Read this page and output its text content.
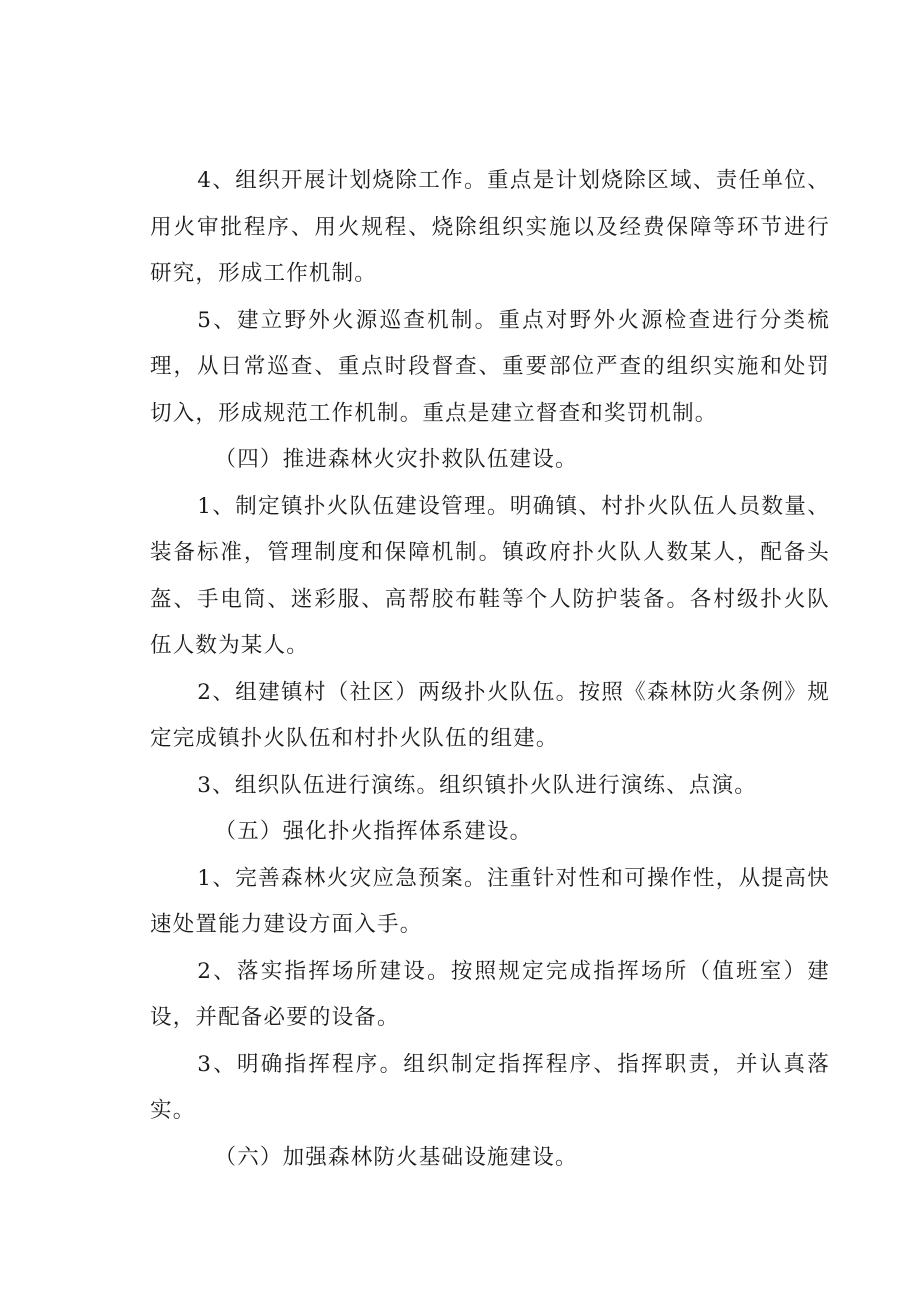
4、组织开展计划烧除工作。重点是计划烧除区域、责任单位、用火审批程序、用火规程、烧除组织实施以及经费保障等环节进行研究，形成工作机制。

5、建立野外火源巡查机制。重点对野外火源检查进行分类梳理，从日常巡查、重点时段督查、重要部位严查的组织实施和处罚切入，形成规范工作机制。重点是建立督查和奖罚机制。

（四）推进森林火灾扑救队伍建设。

1、制定镇扑火队伍建设管理。明确镇、村扑火队伍人员数量、装备标准，管理制度和保障机制。镇政府扑火队人数某人，配备头盔、手电筒、迷彩服、高帮胶布鞋等个人防护装备。各村级扑火队伍人数为某人。

2、组建镇村（社区）两级扑火队伍。按照《森林防火条例》规定完成镇扑火队伍和村扑火队伍的组建。

3、组织队伍进行演练。组织镇扑火队进行演练、点演。

（五）强化扑火指挥体系建设。

1、完善森林火灾应急预案。注重针对性和可操作性，从提高快速处置能力建设方面入手。

2、落实指挥场所建设。按照规定完成指挥场所（值班室）建设，并配备必要的设备。

3、明确指挥程序。组织制定指挥程序、指挥职责，并认真落实。

（六）加强森林防火基础设施建设。
